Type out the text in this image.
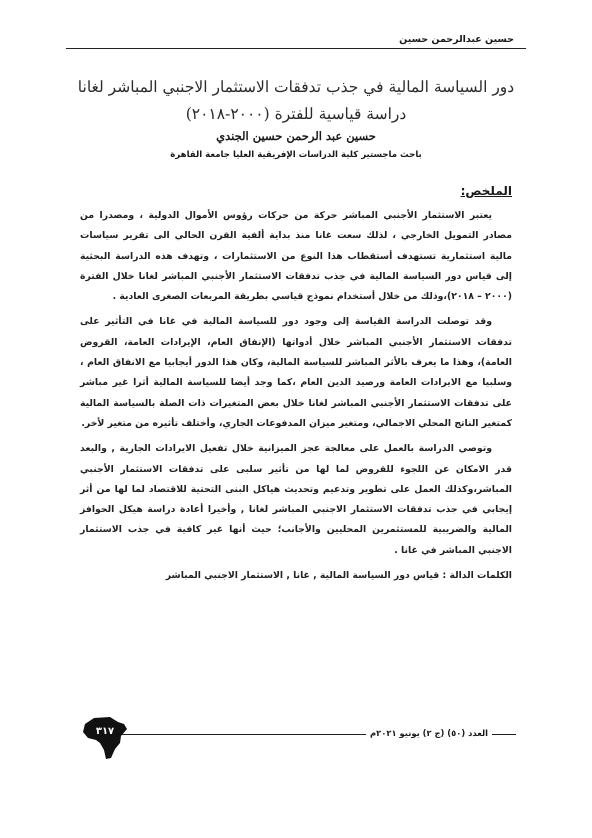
حسين عبدالرحمن حسين
دور السياسة المالية في جذب تدفقات الاستثمار الاجنبي المباشر لغانا
دراسة قياسية للفترة (٢٠٠٠-٢٠١٨)
حسين عبد الرحمن حسين الجندي
باحث ماجستير كلية الدراسات الإفريقية العليا جامعة القاهرة
الملخص:

يعتبر الاستثمار الأجنبي المباشر حركة من حركات رؤوس الأموال الدولية ، ومصدرا من مصادر التمويل الخارجي ، لذلك سعت غانا منذ بداية ألفية القرن الحالي الى تقرير سياسات مالية استثمارية تستهدف أستقطاب هذا النوع من الاستثمارات ، وتهدف هذه الدراسة البحثية إلى قياس دور السياسة المالية في جذب تدفقات الاستثمار الأجنبي المباشر لغانا خلال الفترة (٢٠٠٠ – ٢٠١٨)،وذلك من خلال أستخدام نموذج قياسي بطريقة المربعات الصغرى العادية .

وقد توصلت الدراسة القياسة إلى وجود دور للسياسة المالية في غانا في التأثير على تدفقات الاستثمار الأجنبي المباشر خلال أدواتها (الإنفاق العام، الإيرادات العامة، القروض العامة)، وهذا ما يعرف بالأثر المباشر للسياسة المالية، وكان هذا الدور أيجابيا مع الانفاق العام ، وسلبيا مع الايرادات العامة ورصيد الدين العام ،كما وجد أيضا للسياسة المالية أثرا غير مباشر على تدفقات الاستثمار الأجنبي المباشر لغانا خلال بعض المتغيرات ذات الصلة بالسياسة المالية كمتغير الناتج المحلي الاجمالي، ومتغير ميزان المدفوعات الجاري، وأختلف تأثيره من متغير لأخر.

وتوصي الدراسة بالعمل على معالجة عجز الميزانية خلال تفعيل الايرادات الجارية , والبعد قدر الامكان عن اللجوء للقروض لما لها من تأثير سلبى على تدفقات الاستثمار الأجنبي المباشر،وكذلك العمل على تطوير وتدعيم وتحديث هياكل البنى التحتية للاقتصاد لما لها من أثر إيجابي في جذب تدفقات الاستثمار الاجنبي المباشر لغانا , وأخيرا أعادة دراسة هيكل الحوافز المالية والضريبية للمستثمرين المحليين والأجانب؛ حيث أنها غير كافية في جذب الاستثمار الاجنبي المباشر في غانا .

الكلمات الدالة : قياس دور السياسة المالية , غانا , الاستثمار الاجنبي المباشر

العدد (٥٠) (ج ٢) يونيو ٢٠٢١م
٣١٧
